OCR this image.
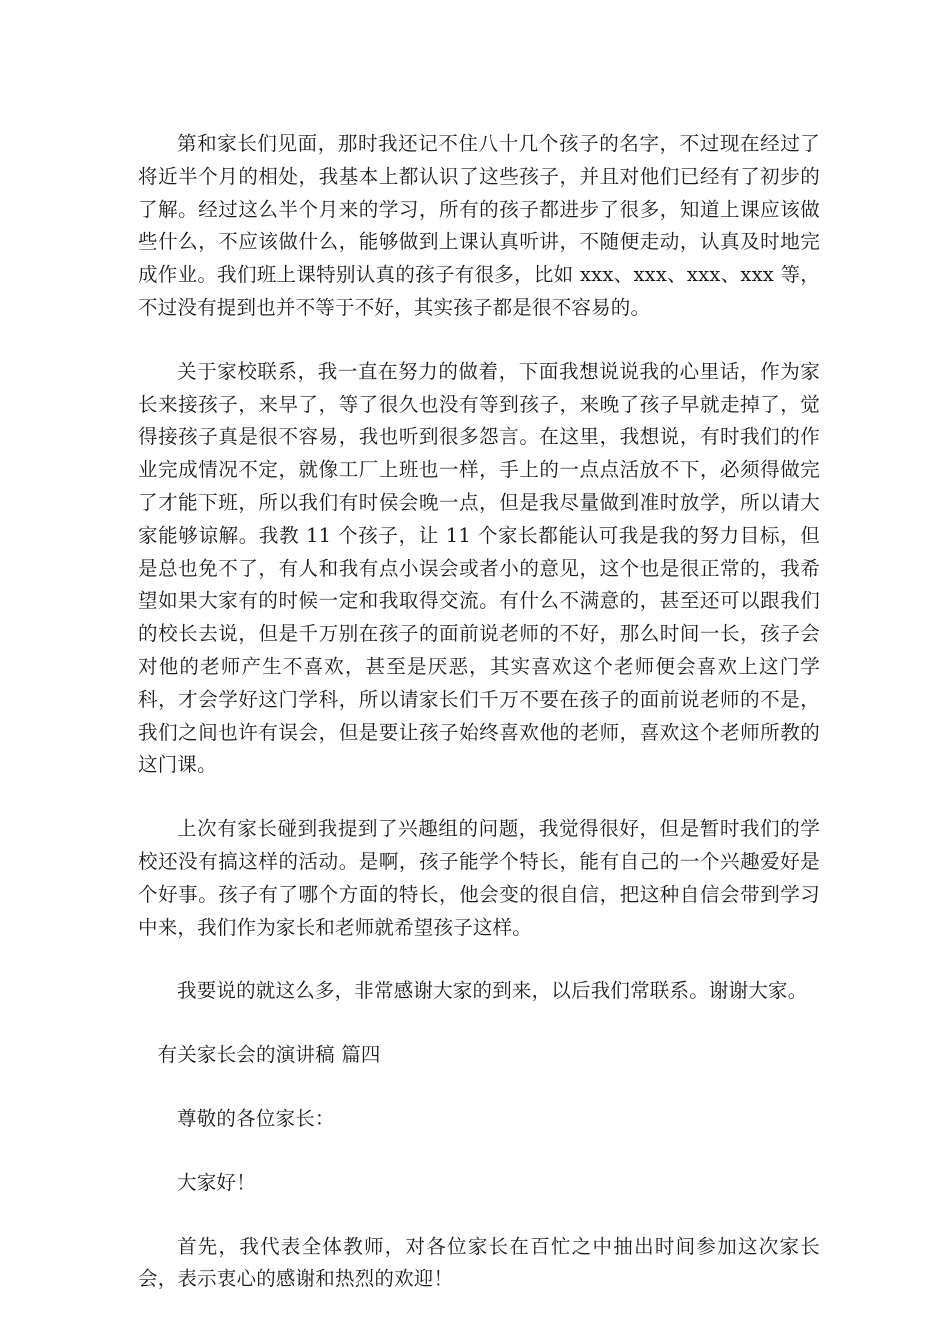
第和家长们见面，那时我还记不住八十几个孩子的名字，不过现在经过了将近半个月的相处，我基本上都认识了这些孩子，并且对他们已经有了初步的了解。经过这么半个月来的学习，所有的孩子都进步了很多，知道上课应该做些什么，不应该做什么，能够做到上课认真听讲，不随便走动，认真及时地完成作业。我们班上课特别认真的孩子有很多，比如 xxx、xxx、xxx、xxx 等，不过没有提到也并不等于不好，其实孩子都是很不容易的。

关于家校联系，我一直在努力的做着，下面我想说说我的心里话，作为家长来接孩子，来早了，等了很久也没有等到孩子，来晚了孩子早就走掉了，觉得接孩子真是很不容易，我也听到很多怨言。在这里，我想说，有时我们的作业完成情况不定，就像工厂上班也一样，手上的一点点活放不下，必须得做完了才能下班，所以我们有时侯会晚一点，但是我尽量做到准时放学，所以请大家能够谅解。我教 11 个孩子，让 11 个家长都能认可我是我的努力目标，但是总也免不了，有人和我有点小误会或者小的意见，这个也是很正常的，我希望如果大家有的时候一定和我取得交流。有什么不满意的，甚至还可以跟我们的校长去说，但是千万别在孩子的面前说老师的不好，那么时间一长，孩子会对他的老师产生不喜欢，甚至是厌恶，其实喜欢这个老师便会喜欢上这门学科，才会学好这门学科，所以请家长们千万不要在孩子的面前说老师的不是，我们之间也许有误会，但是要让孩子始终喜欢他的老师，喜欢这个老师所教的这门课。

上次有家长碰到我提到了兴趣组的问题，我觉得很好，但是暂时我们的学校还没有搞这样的活动。是啊，孩子能学个特长，能有自己的一个兴趣爱好是个好事。孩子有了哪个方面的特长，他会变的很自信，把这种自信会带到学习中来，我们作为家长和老师就希望孩子这样。

我要说的就这么多，非常感谢大家的到来，以后我们常联系。谢谢大家。

有关家长会的演讲稿 篇四

尊敬的各位家长：

大家好！

首先，我代表全体教师，对各位家长在百忙之中抽出时间参加这次家长会，表示衷心的感谢和热烈的欢迎！
